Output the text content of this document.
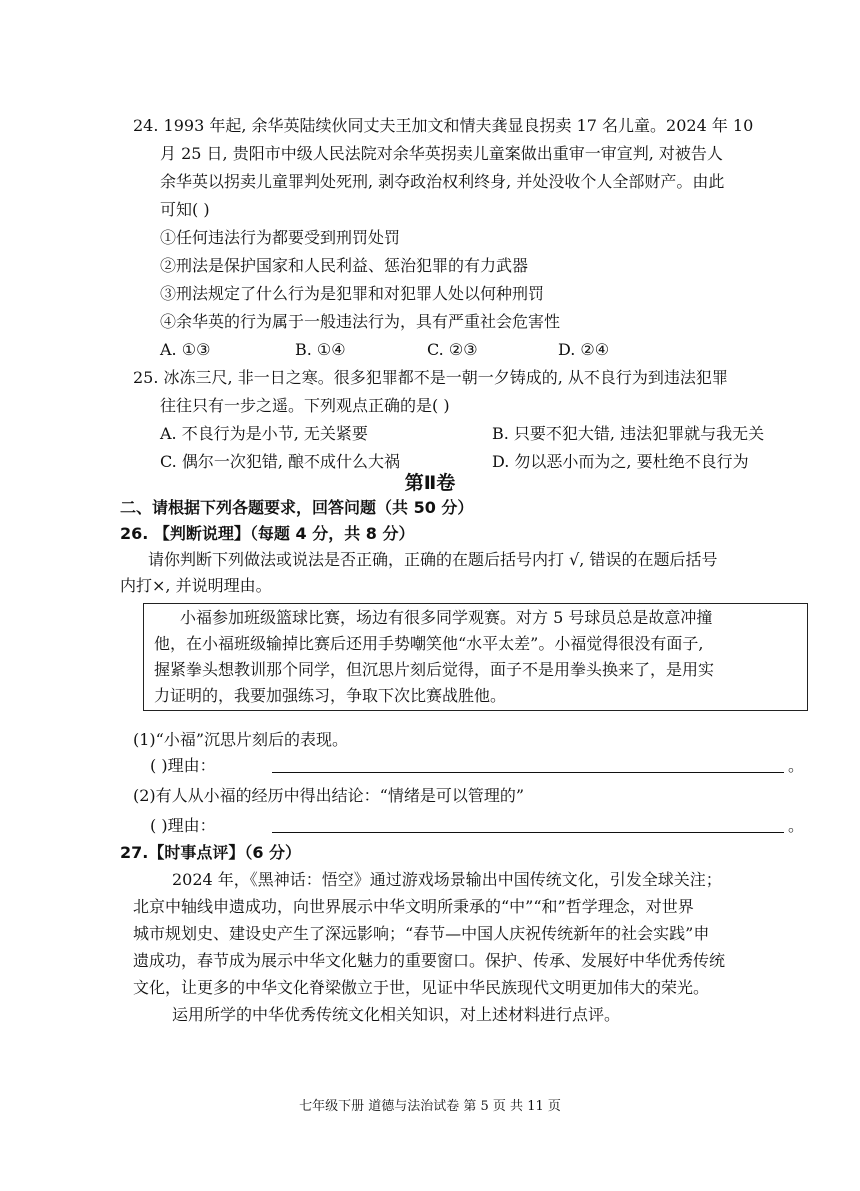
24. 1993 年起, 余华英陆续伙同丈夫王加文和情夫龚显良拐卖 17 名儿童。2024 年 10
月 25 日, 贵阳市中级人民法院对余华英拐卖儿童案做出重审一审宣判, 对被告人
余华英以拐卖儿童罪判处死刑, 剥夺政治权利终身, 并处没收个人全部财产。由此
可知( )
①任何违法行为都要受到刑罚处罚
②刑法是保护国家和人民利益、惩治犯罪的有力武器
③刑法规定了什么行为是犯罪和对犯罪人处以何种刑罚
④余华英的行为属于一般违法行为，具有严重社会危害性
A. ①③	B. ①④	C. ②③	D. ②④
25. 冰冻三尺, 非一日之寒。很多犯罪都不是一朝一夕铸成的, 从不良行为到违法犯罪
往往只有一步之遥。下列观点正确的是( )
A. 不良行为是小节, 无关紧要	B. 只要不犯大错, 违法犯罪就与我无关
C. 偶尔一次犯错, 酿不成什么大祸	D. 勿以恶小而为之, 要杜绝不良行为
第Ⅱ卷
二、请根据下列各题要求，回答问题（共 50 分）
26. 【判断说理】（每题 4 分，共 8 分）
请你判断下列做法或说法是否正确，正确的在题后括号内打 √, 错误的在题后括号
内打×, 并说明理由。
小福参加班级篮球比赛，场边有很多同学观赛。对方 5 号球员总是故意冲撞
他，在小福班级输掉比赛后还用手势嘲笑他“水平太差”。小福觉得很没有面子,
握紧拳头想教训那个同学，但沉思片刻后觉得，面子不是用拳头换来了，是用实
力证明的，我要加强练习，争取下次比赛战胜他。
(1)“小福”沉思片刻后的表现。
( )理由：	。
(2)有人从小福的经历中得出结论：“情绪是可以管理的”
( )理由：	。
27.【时事点评】（6 分）
2024 年，《黑神话：悟空》通过游戏场景输出中国传统文化，引发全球关注；
北京中轴线申遗成功，向世界展示中华文明所秉承的“中”“和”哲学理念，对世界
城市规划史、建设史产生了深远影响；“春节—中国人庆祝传统新年的社会实践”申
遗成功，春节成为展示中华文化魅力的重要窗口。保护、传承、发展好中华优秀传统
文化，让更多的中华文化脊梁傲立于世，见证中华民族现代文明更加伟大的荣光。
运用所学的中华优秀传统文化相关知识，对上述材料进行点评。
七年级下册 道德与法治试卷 第 5 页 共 11 页
